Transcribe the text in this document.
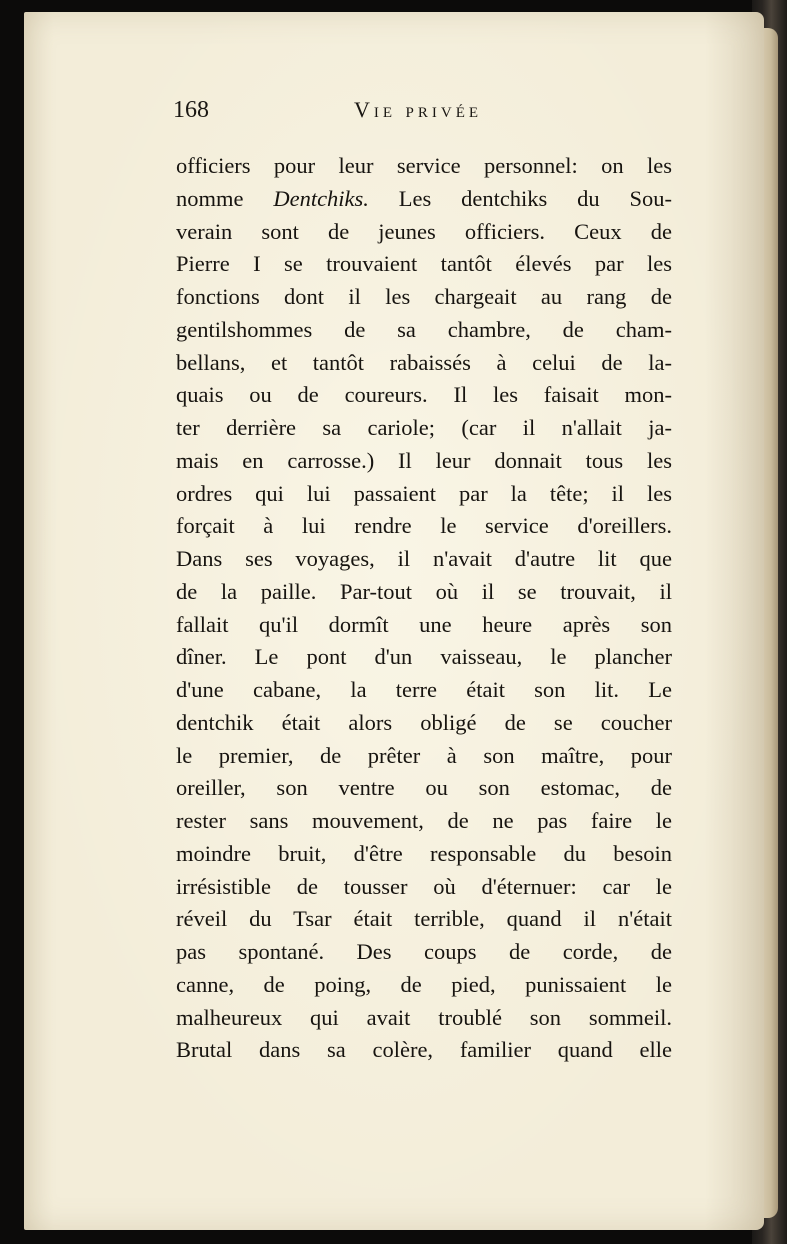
168	Vie privée
officiers pour leur service personnel: on les
nomme Dentchiks. Les dentchiks du Sou-
verain sont de jeunes officiers. Ceux de
Pierre I se trouvaient tantôt élevés par les
fonctions dont il les chargeait au rang de
gentilshommes de sa chambre, de cham-
bellans, et tantôt rabaissés à celui de la-
quais ou de coureurs. Il les faisait mon-
ter derrière sa cariole; (car il n'allait ja-
mais en carrosse.) Il leur donnait tous les
ordres qui lui passaient par la tête; il les
forçait à lui rendre le service d'oreillers.
Dans ses voyages, il n'avait d'autre lit que
de la paille. Par-tout où il se trouvait, il
fallait qu'il dormît une heure après son
dîner. Le pont d'un vaisseau, le plancher
d'une cabane, la terre était son lit. Le
dentchik était alors obligé de se coucher
le premier, de prêter à son maître, pour
oreiller, son ventre ou son estomac, de
rester sans mouvement, de ne pas faire le
moindre bruit, d'être responsable du besoin
irrésistible de tousser où d'éternuer: car le
réveil du Tsar était terrible, quand il n'était
pas spontané. Des coups de corde, de
canne, de poing, de pied, punissaient le
malheureux qui avait troublé son sommeil.
Brutal dans sa colère, familier quand elle
